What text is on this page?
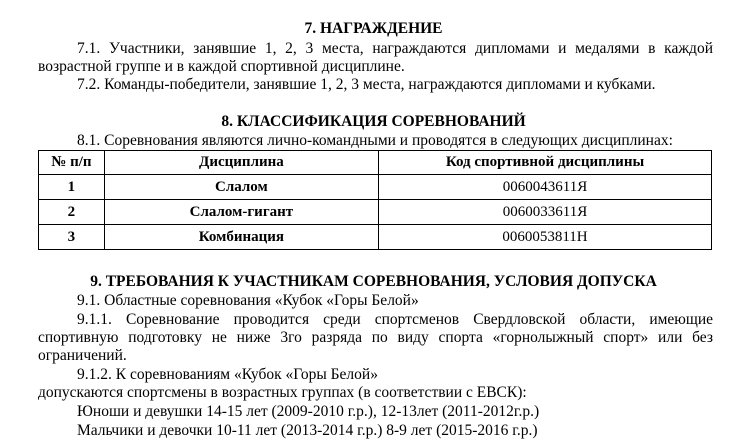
7. НАГРАЖДЕНИЕ
7.1. Участники, занявшие 1, 2, 3 места, награждаются дипломами и медалями в каждой
возрастной группе и в каждой спортивной дисциплине.
7.2. Команды-победители, занявшие 1, 2, 3 места, награждаются дипломами и кубками.
8. КЛАССИФИКАЦИЯ СОРЕВНОВАНИЙ
8.1. Соревнования являются лично-командными и проводятся в следующих дисциплинах:
№ п/п	Дисциплина	Код спортивной дисциплины
1	Слалом	0060043611Я
2	Слалом-гигант	0060033611Я
3	Комбинация	0060053811Н
9. ТРЕБОВАНИЯ К УЧАСТНИКАМ СОРЕВНОВАНИЯ, УСЛОВИЯ ДОПУСКА
9.1. Областные соревнования «Кубок «Горы Белой»
9.1.1. Соревнование проводится среди спортсменов Свердловской области, имеющие
спортивную подготовку не ниже 3го разряда по виду спорта «горнолыжный спорт» или без
ограничений.
9.1.2. К соревнованиям «Кубок «Горы Белой»
допускаются спортсмены в возрастных группах (в соответствии с ЕВСК):
Юноши и девушки 14-15 лет (2009-2010 г.р.), 12-13лет (2011-2012г.р.)
Мальчики и девочки 10-11 лет (2013-2014 г.р.) 8-9 лет (2015-2016 г.р.)
